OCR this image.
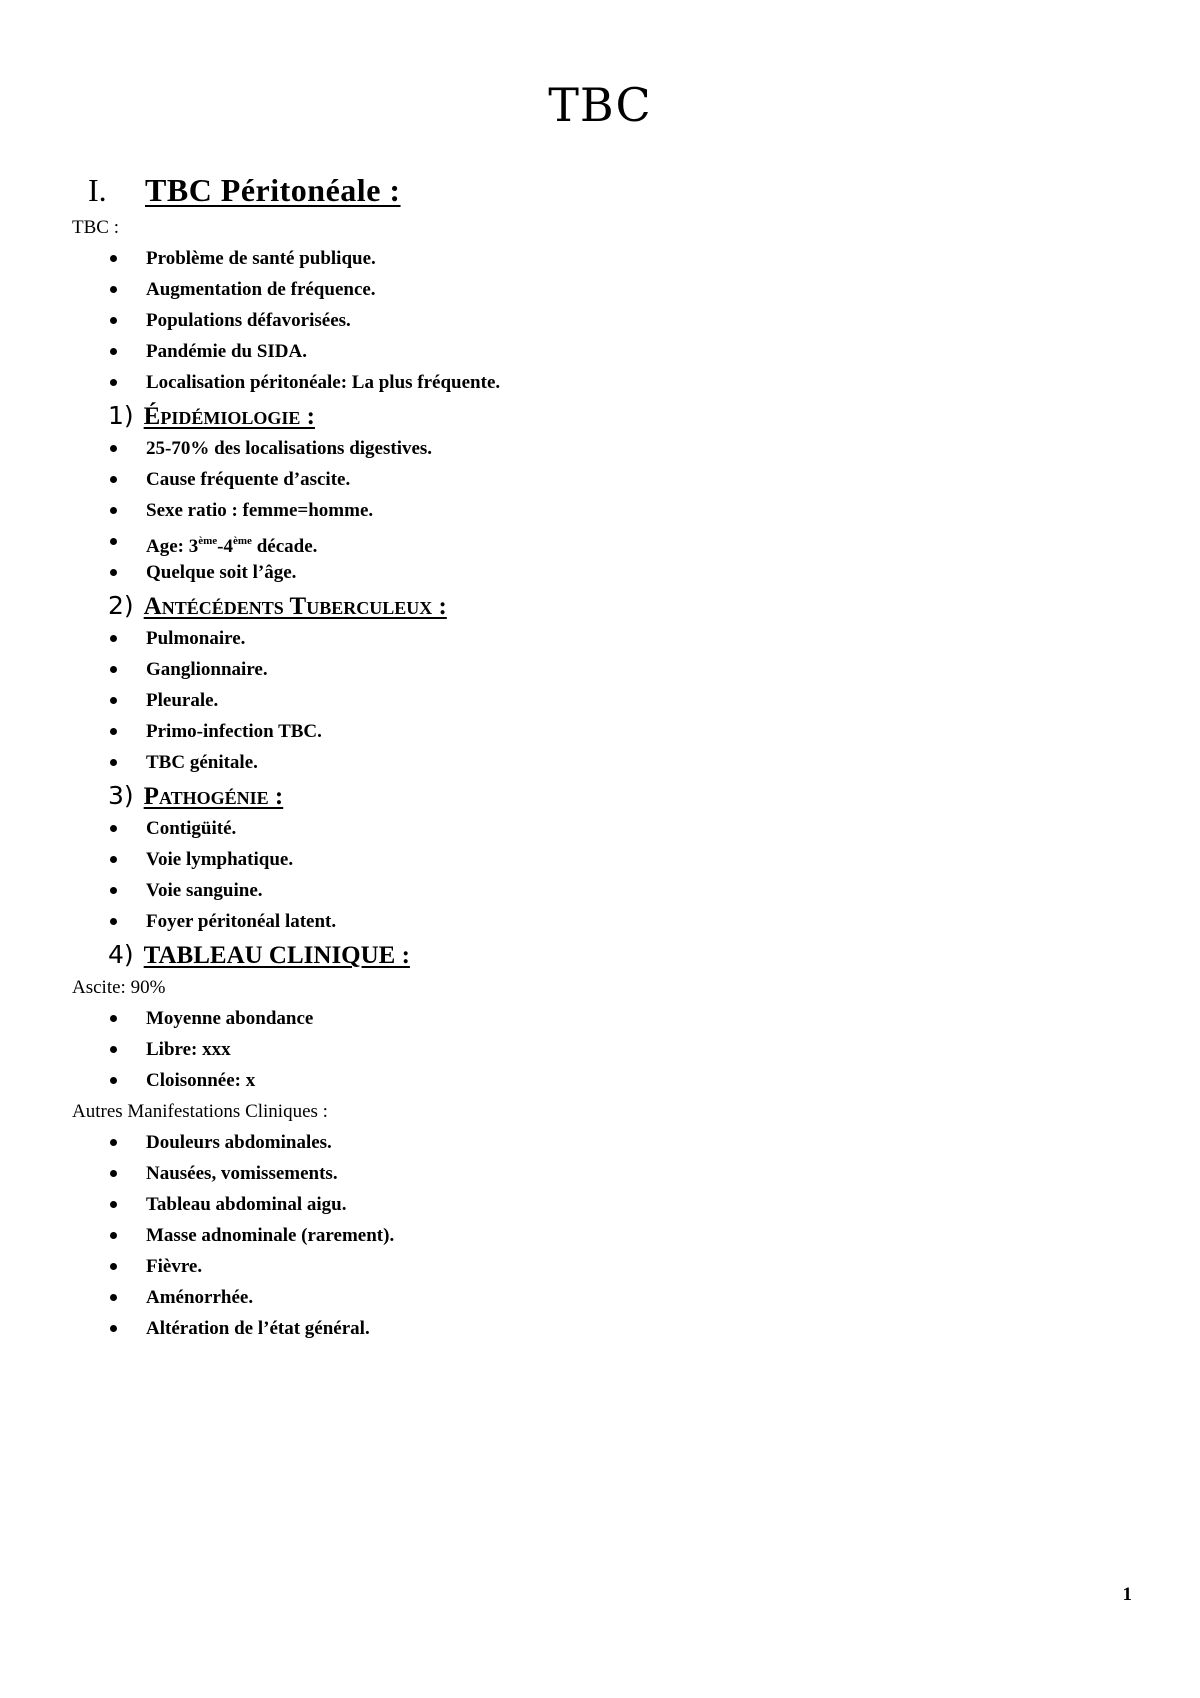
TBC
I.	TBC Péritonéale :
TBC :
Problème de santé publique.
Augmentation de fréquence.
Populations défavorisées.
Pandémie du SIDA.
Localisation péritonéale: La plus fréquente.
1) Épidémiologie :
25-70% des localisations digestives.
Cause fréquente d’ascite.
Sexe ratio : femme=homme.
Age: 3ème-4ème décade.
Quelque soit l’âge.
2) Antécédents Tuberculeux :
Pulmonaire.
Ganglionnaire.
Pleurale.
Primo-infection TBC.
TBC génitale.
3) Pathogénie :
Contigüité.
Voie lymphatique.
Voie sanguine.
Foyer péritonéal latent.
4) TABLEAU CLINIQUE :
Ascite: 90%
Moyenne abondance
Libre: xxx
Cloisonnée: x
Autres Manifestations Cliniques :
Douleurs abdominales.
Nausées, vomissements.
Tableau abdominal aigu.
Masse adnominale (rarement).
Fièvre.
Aménorrhée.
Altération de l’état général.
1
